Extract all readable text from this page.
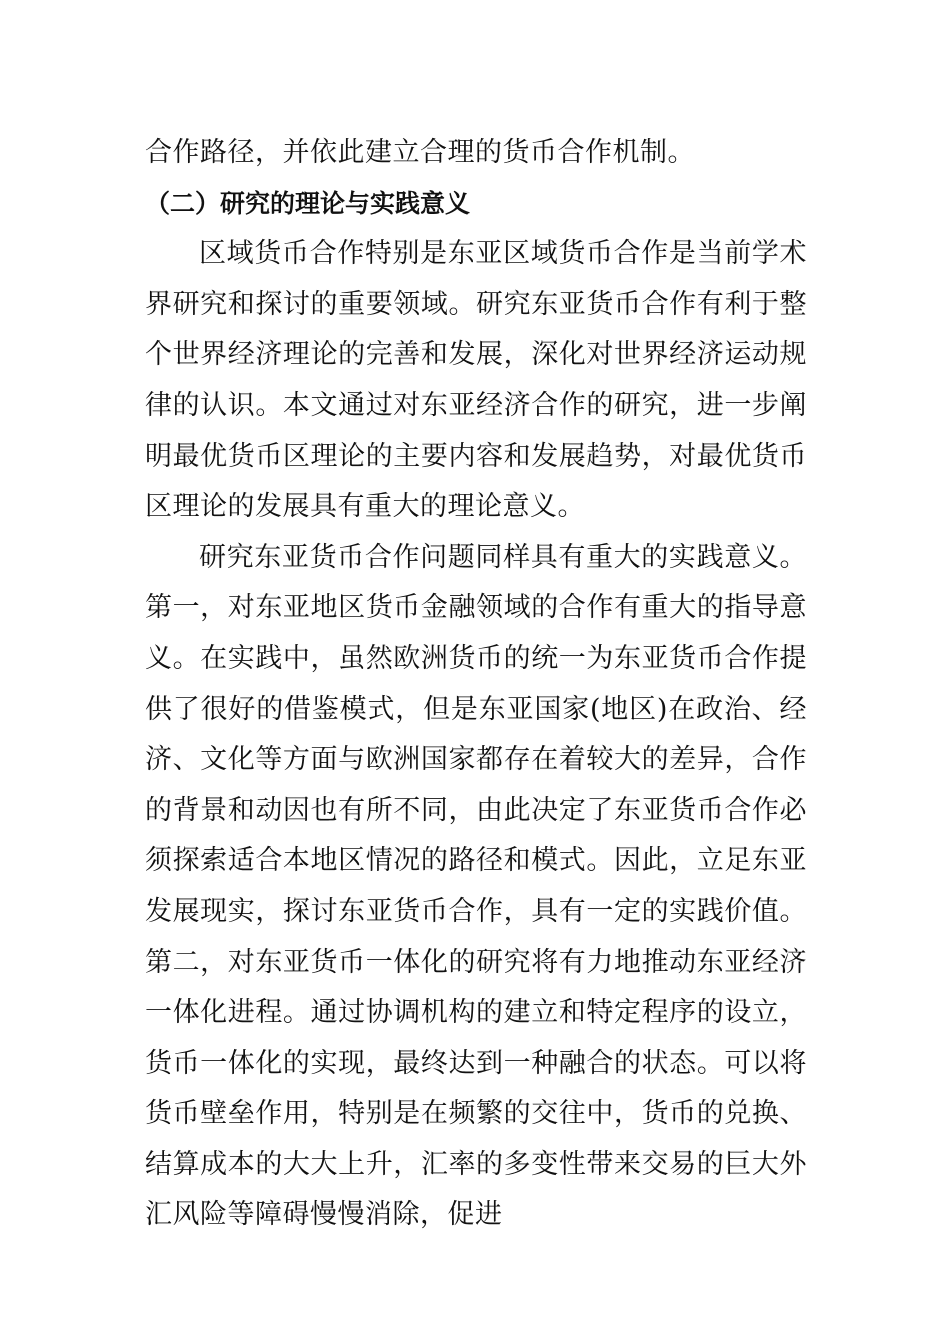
合作路径，并依此建立合理的货币合作机制。

（二）研究的理论与实践意义

区域货币合作特别是东亚区域货币合作是当前学术界研究和探讨的重要领域。研究东亚货币合作有利于整个世界经济理论的完善和发展，深化对世界经济运动规律的认识。本文通过对东亚经济合作的研究，进一步阐明最优货币区理论的主要内容和发展趋势，对最优货币区理论的发展具有重大的理论意义。

研究东亚货币合作问题同样具有重大的实践意义。第一，对东亚地区货币金融领域的合作有重大的指导意义。在实践中，虽然欧洲货币的统一为东亚货币合作提供了很好的借鉴模式，但是东亚国家(地区)在政治、经济、文化等方面与欧洲国家都存在着较大的差异，合作的背景和动因也有所不同，由此决定了东亚货币合作必须探索适合本地区情况的路径和模式。因此，立足东亚发展现实，探讨东亚货币合作，具有一定的实践价值。第二，对东亚货币一体化的研究将有力地推动东亚经济一体化进程。通过协调机构的建立和特定程序的设立，货币一体化的实现，最终达到一种融合的状态。可以将货币壁垒作用，特别是在频繁的交往中，货币的兑换、结算成本的大大上升，汇率的多变性带来交易的巨大外汇风险等障碍慢慢消除，促进
